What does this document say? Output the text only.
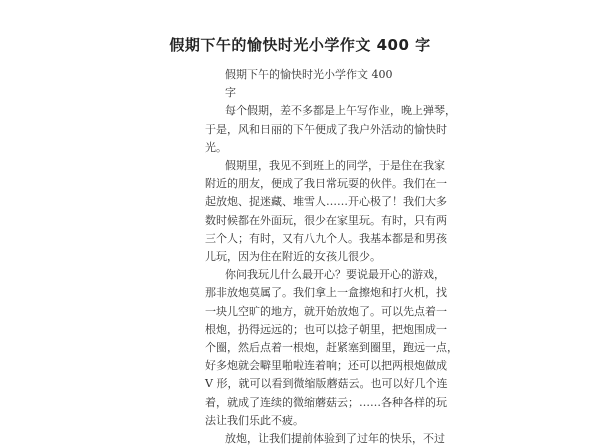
假期下午的愉快时光小学作文 400 字

假期下午的愉快时光小学作文 400 字

每个假期，差不多都是上午写作业，晚上弹琴，
于是，风和日丽的下午便成了我户外活动的愉快时
光。

假期里，我见不到班上的同学，于是住在我家
附近的朋友，便成了我日常玩耍的伙伴。我们在一
起放炮、捉迷藏、堆雪人……开心极了！我们大多
数时候都在外面玩，很少在家里玩。有时，只有两
三个人；有时，又有八九个人。我基本都是和男孩
儿玩，因为住在附近的女孩儿很少。

你问我玩儿什么最开心？要说最开心的游戏，
那非放炮莫属了。我们拿上一盒擦炮和打火机，找
一块儿空旷的地方，就开始放炮了。可以先点着一
根炮，扔得远远的；也可以捻子朝里，把炮围成一
个圈，然后点着一根炮，赶紧塞到圈里，跑远一点，
好多炮就会噼里啪啦连着响；还可以把两根炮做成
V 形，就可以看到微缩版蘑菇云。也可以好几个连
着，就成了连续的微缩蘑菇云；……各种各样的玩
法让我们乐此不疲。

放炮，让我们提前体验到了过年的快乐，不过
